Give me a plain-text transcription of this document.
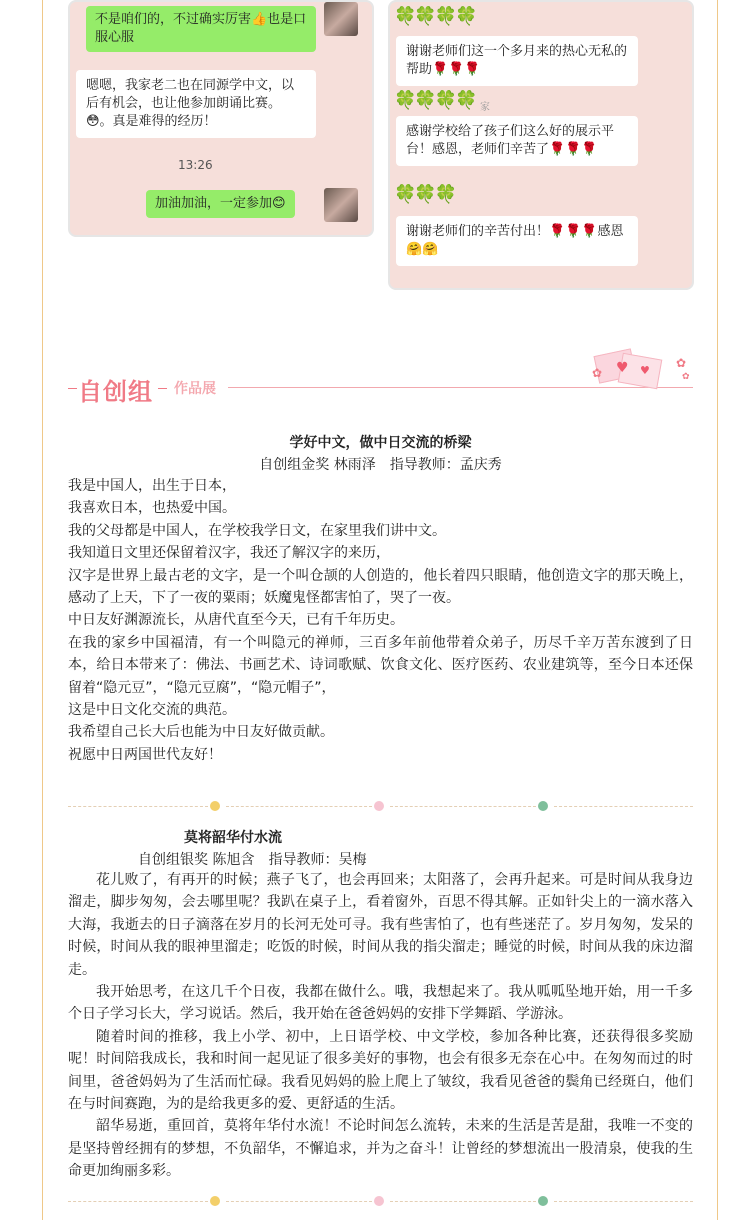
不是咱们的，不过确实厉害👍也是口服心服
嗯嗯，我家老二也在同源学中文，以后有机会，也让他参加朗诵比赛。😳。真是难得的经历！
13:26
加油加油，一定参加😊
🍀🍀🍀🍀
谢谢老师们这一个多月来的热心无私的帮助🌹🌹🌹
🍀🍀🍀🍀 家
感谢学校给了孩子们这么好的展示平台！感恩，老师们辛苦了🌹🌹🌹
🍀🍀🍀
谢谢老师们的辛苦付出！🌹🌹🌹感恩🤗🤗
自创组 作品展
♥ ♥
✿
✿
✿
学好中文，做中日交流的桥梁
自创组金奖 林雨泽　指导教师：孟庆秀

我是中国人，出生于日本，

我喜欢日本，也热爱中国。

我的父母都是中国人，在学校我学日文，在家里我们讲中文。

我知道日文里还保留着汉字，我还了解汉字的来历，

汉字是世界上最古老的文字，是一个叫仓颉的人创造的，他长着四只眼睛，他创造文字的那天晚上，感动了上天，下了一夜的粟雨；妖魔鬼怪都害怕了，哭了一夜。

中日友好渊源流长，从唐代直至今天，已有千年历史。

在我的家乡中国福清，有一个叫隐元的禅师，三百多年前他带着众弟子，历尽千辛万苦东渡到了日本，给日本带来了：佛法、书画艺术、诗词歌赋、饮食文化、医疗医药、农业建筑等，至今日本还保留着“隐元豆”，“隐元豆腐”，“隐元帽子”，

这是中日文化交流的典范。

我希望自己长大后也能为中日友好做贡献。

祝愿中日两国世代友好！

莫将韶华付水流
自创组银奖 陈旭含　指导教师：吴梅

花儿败了，有再开的时候；燕子飞了，也会再回来；太阳落了，会再升起来。可是时间从我身边溜走，脚步匆匆，会去哪里呢？我趴在桌子上，看着窗外，百思不得其解。正如针尖上的一滴水落入大海，我逝去的日子滴落在岁月的长河无处可寻。我有些害怕了，也有些迷茫了。岁月匆匆，发呆的时候，时间从我的眼神里溜走；吃饭的时候，时间从我的指尖溜走；睡觉的时候，时间从我的床边溜走。

我开始思考，在这几千个日夜，我都在做什么。哦，我想起来了。我从呱呱坠地开始，用一千多个日子学习长大，学习说话。然后，我开始在爸爸妈妈的安排下学舞蹈、学游泳。

随着时间的推移，我上小学、初中，上日语学校、中文学校，参加各种比赛，还获得很多奖励呢！时间陪我成长，我和时间一起见证了很多美好的事物，也会有很多无奈在心中。在匆匆而过的时间里，爸爸妈妈为了生活而忙碌。我看见妈妈的脸上爬上了皱纹，我看见爸爸的鬓角已经斑白，他们在与时间赛跑，为的是给我更多的爱、更舒适的生活。

韶华易逝，重回首，莫将年华付水流！不论时间怎么流转，未来的生活是苦是甜，我唯一不变的是坚持曾经拥有的梦想，不负韶华，不懈追求，并为之奋斗！让曾经的梦想流出一股清泉，使我的生命更加绚丽多彩。
